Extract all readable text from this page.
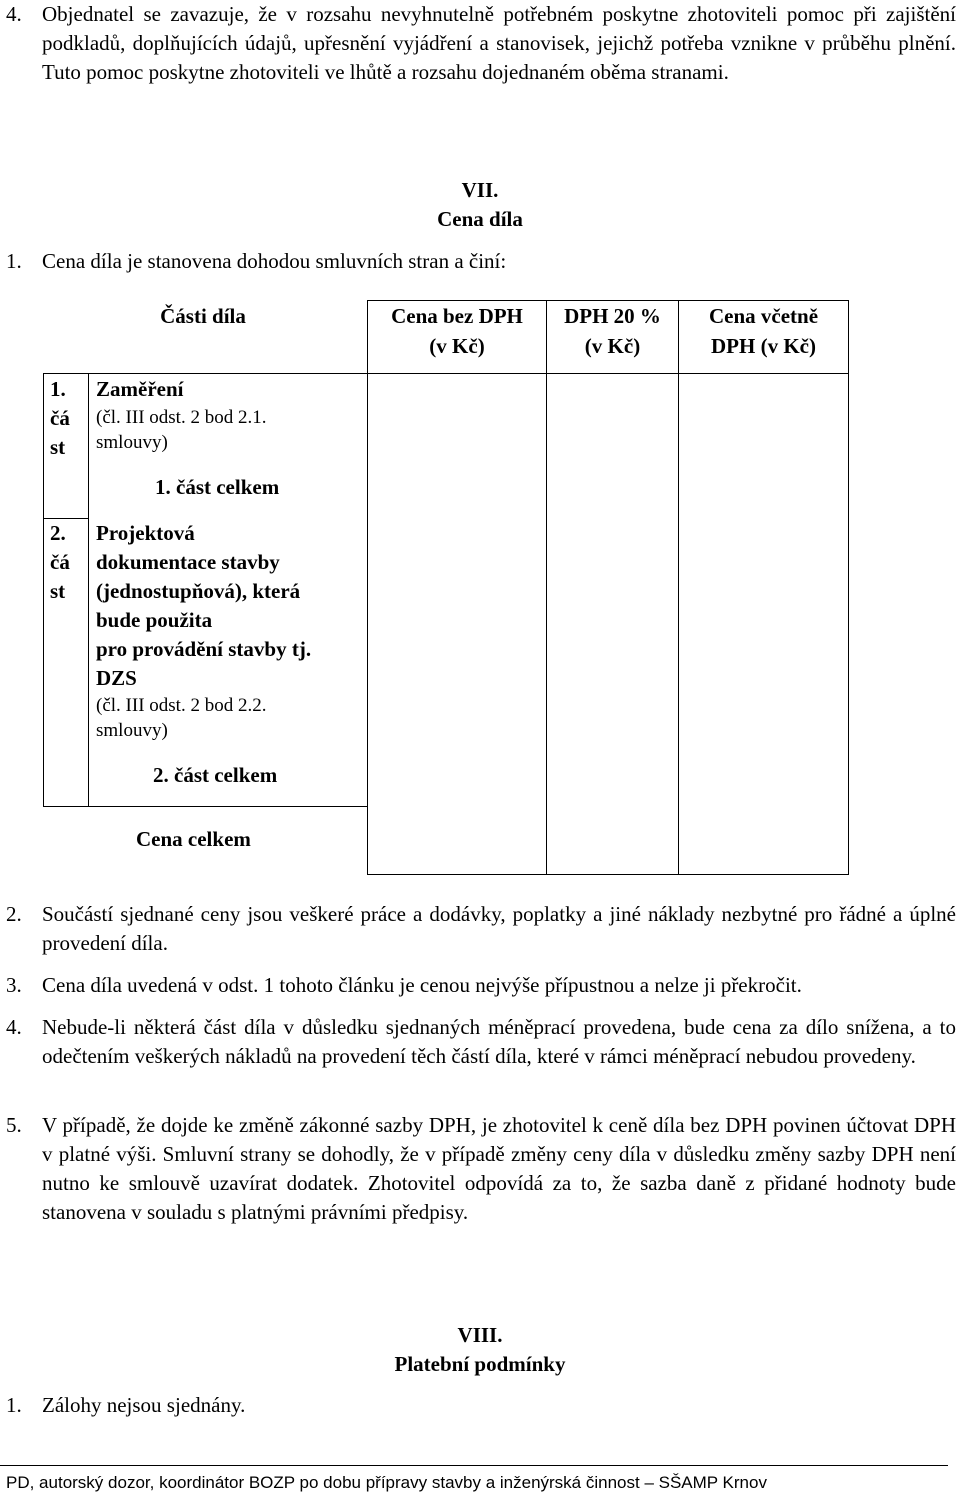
4. Objednatel se zavazuje, že v rozsahu nevyhnutelně potřebném poskytne zhotoviteli pomoc při zajištění podkladů, doplňujících údajů, upřesnění vyjádření a stanovisek, jejichž potřeba vznikne v průběhu plnění. Tuto pomoc poskytne zhotoviteli ve lhůtě a rozsahu dojednaném oběma stranami.
VII.
Cena díla
1. Cena díla je stanovena dohodou smluvních stran a činí:
Části díla	Cena bez DPH
(v Kč)
DPH 20 %
(v Kč)
Cena včetně
DPH (v Kč)
1.
čá
st
Zaměření
(čl. III odst. 2 bod 2.1.
smlouvy)
1. část celkem
2.
čá
st
Projektová
dokumentace stavby
(jednostupňová), která
bude použita
pro provádění stavby tj.
DZS
(čl. III odst. 2 bod 2.2.
smlouvy)
2. část celkem
Cena celkem
2. Součástí sjednané ceny jsou veškeré práce a dodávky, poplatky a jiné náklady nezbytné pro řádné a úplné provedení díla.
3. Cena díla uvedená v odst. 1 tohoto článku je cenou nejvýše přípustnou a nelze ji překročit.
4. Nebude-li některá část díla v důsledku sjednaných méněprací provedena, bude cena za dílo snížena, a to odečtením veškerých nákladů na provedení těch částí díla, které v rámci méněprací nebudou provedeny.
5. V případě, že dojde ke změně zákonné sazby DPH, je zhotovitel k ceně díla bez DPH povinen účtovat DPH v platné výši. Smluvní strany se dohodly, že v případě změny ceny díla v důsledku změny sazby DPH není nutno ke smlouvě uzavírat dodatek. Zhotovitel odpovídá za to, že sazba daně z přidané hodnoty bude stanovena v souladu s platnými právními předpisy.
VIII.
Platební podmínky
1. Zálohy nejsou sjednány.
PD, autorský dozor, koordinátor BOZP po dobu přípravy stavby a inženýrská činnost – SŠAMP Krnov
